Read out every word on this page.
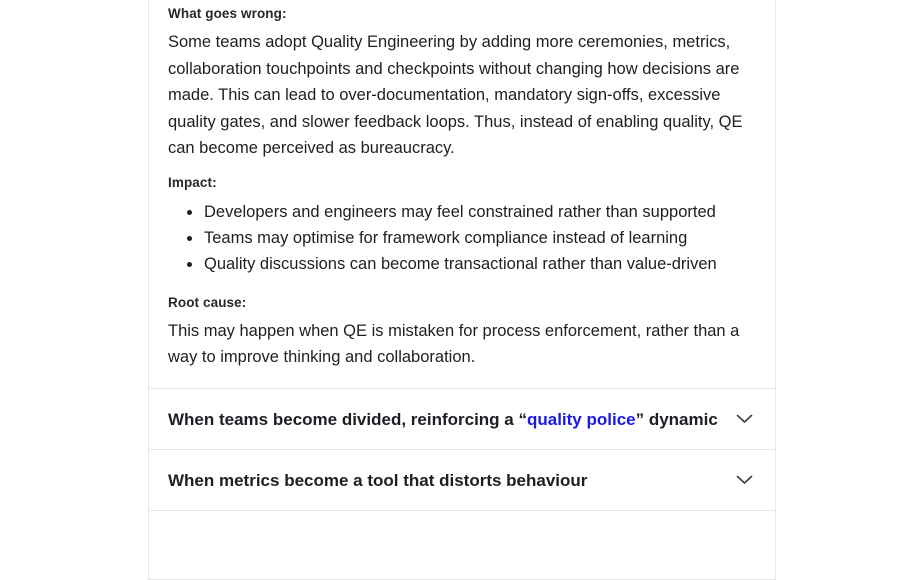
What goes wrong:

Some teams adopt Quality Engineering by adding more ceremonies, metrics, collaboration touchpoints and checkpoints without changing how decisions are made. This can lead to over-documentation, mandatory sign-offs, excessive quality gates, and slower feedback loops. Thus, instead of enabling quality, QE can become perceived as bureaucracy.

Impact:

• Developers and engineers may feel constrained rather than supported
• Teams may optimise for framework compliance instead of learning
• Quality discussions can become transactional rather than value-driven

Root cause:

This may happen when QE is mistaken for process enforcement, rather than a way to improve thinking and collaboration.

When teams become divided, reinforcing a “quality police” dynamic
When metrics become a tool that distorts behaviour
